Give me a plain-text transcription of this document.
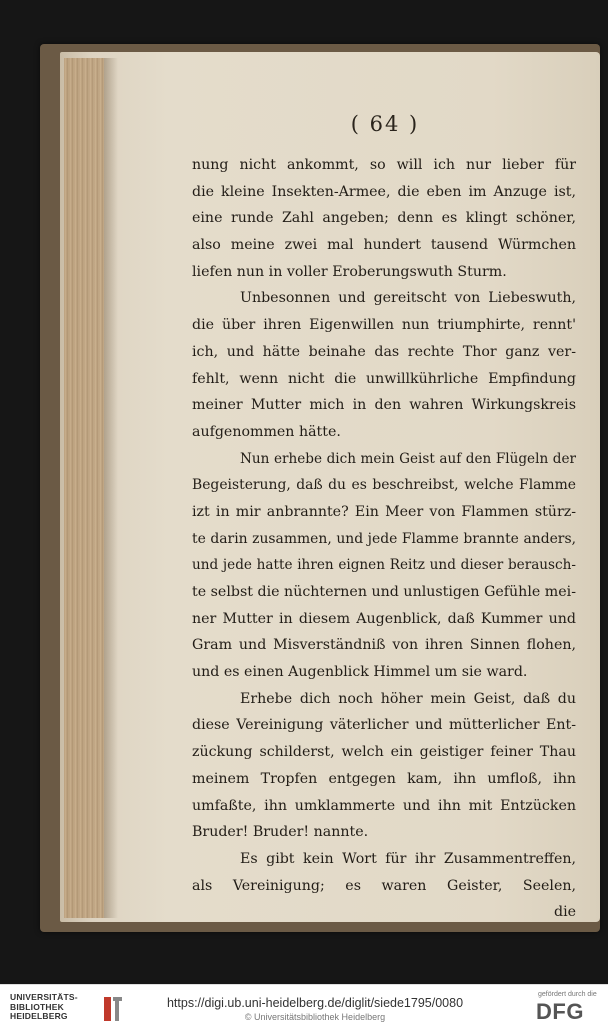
( 64 )
nung nicht ankommt, so will ich nur lieber für
die kleine Insekten-Armee, die eben im Anzuge ist,
eine runde Zahl angeben; denn es klingt schöner,
also meine zwei mal hundert tausend Würmchen
liefen nun in voller Eroberungswuth Sturm.
Unbesonnen und gereitscht von Liebeswuth,
die über ihren Eigenwillen nun triumphirte, rennt'
ich, und hätte beinahe das rechte Thor ganz ver-
fehlt, wenn nicht die unwillkührliche Empfindung
meiner Mutter mich in den wahren Wirkungskreis
aufgenommen hätte.
Nun erhebe dich mein Geist auf den Flügeln der
Begeisterung, daß du es beschreibst, welche Flamme
izt in mir anbrannte? Ein Meer von Flammen stürz-
te darin zusammen, und jede Flamme brannte anders,
und jede hatte ihren eignen Reitz und dieser berausch-
te selbst die nüchternen und unlustigen Gefühle mei-
ner Mutter in diesem Augenblick, daß Kummer und
Gram und Misverständniß von ihren Sinnen flohen,
und es einen Augenblick Himmel um sie ward.
Erhebe dich noch höher mein Geist, daß du
diese Vereinigung väterlicher und mütterlicher Ent-
zückung schilderst, welch ein geistiger feiner Thau
meinem Tropfen entgegen kam, ihn umfloß, ihn
umfaßte, ihn umklammerte und ihn mit Entzücken
Bruder! Bruder! nannte.
Es gibt kein Wort für ihr Zusammentreffen,
als Vereinigung; es waren Geister, Seelen,
die
UNIVERSITÄTS-
BIBLIOTHEK
HEIDELBERG
https://digi.ub.uni-heidelberg.de/diglit/siede1795/0080
© Universitätsbibliothek Heidelberg
gefördert durch die
DFG
